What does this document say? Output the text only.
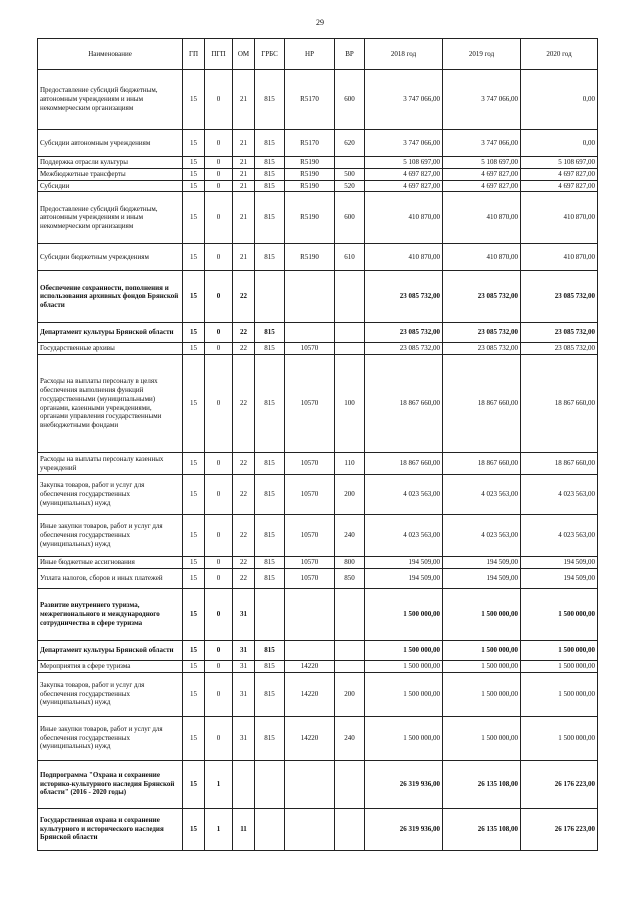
29
Наименование	ГП	ПГП	ОМ	ГРБС	НР	ВР	2018 год	2019 год	2020 год
Предоставление субсидий бюджетным, автономным учреждениям и иным некоммерческим организациям	15	0	21	815	R5170	600	3 747 066,00	3 747 066,00	0,00
Субсидии автономным учреждениям	15	0	21	815	R5170	620	3 747 066,00	3 747 066,00	0,00
Поддержка отрасли культуры	15	0	21	815	R5190		5 108 697,00	5 108 697,00	5 108 697,00
Межбюджетные трансферты	15	0	21	815	R5190	500	4 697 827,00	4 697 827,00	4 697 827,00
Субсидии	15	0	21	815	R5190	520	4 697 827,00	4 697 827,00	4 697 827,00
Предоставление субсидий бюджетным, автономным учреждениям и иным некоммерческим организациям	15	0	21	815	R5190	600	410 870,00	410 870,00	410 870,00
Субсидии бюджетным учреждениям	15	0	21	815	R5190	610	410 870,00	410 870,00	410 870,00
Обеспечение сохранности, пополнения и использования архивных фондов Брянской области	15	0	22				23 085 732,00	23 085 732,00	23 085 732,00
Департамент культуры Брянской области	15	0	22	815			23 085 732,00	23 085 732,00	23 085 732,00
Государственные архивы	15	0	22	815	10570		23 085 732,00	23 085 732,00	23 085 732,00
Расходы на выплаты персоналу в целях обеспечения выполнения функций государственными (муниципальными) органами, казенными учреждениями, органами управления государственными внебюджетными фондами	15	0	22	815	10570	100	18 867 660,00	18 867 660,00	18 867 660,00
Расходы на выплаты персоналу казенных учреждений	15	0	22	815	10570	110	18 867 660,00	18 867 660,00	18 867 660,00
Закупка товаров, работ и услуг для обеспечения государственных (муниципальных) нужд	15	0	22	815	10570	200	4 023 563,00	4 023 563,00	4 023 563,00
Иные закупки товаров, работ и услуг для обеспечения государственных (муниципальных) нужд	15	0	22	815	10570	240	4 023 563,00	4 023 563,00	4 023 563,00
Иные бюджетные ассигнования	15	0	22	815	10570	800	194 509,00	194 509,00	194 509,00
Уплата налогов, сборов и иных платежей	15	0	22	815	10570	850	194 509,00	194 509,00	194 509,00
Развитие внутреннего туризма, межрегионального и международного сотрудничества в сфере туризма	15	0	31				1 500 000,00	1 500 000,00	1 500 000,00
Департамент культуры Брянской области	15	0	31	815			1 500 000,00	1 500 000,00	1 500 000,00
Мероприятия в сфере туризма	15	0	31	815	14220		1 500 000,00	1 500 000,00	1 500 000,00
Закупка товаров, работ и услуг для обеспечения государственных (муниципальных) нужд	15	0	31	815	14220	200	1 500 000,00	1 500 000,00	1 500 000,00
Иные закупки товаров, работ и услуг для обеспечения государственных (муниципальных) нужд	15	0	31	815	14220	240	1 500 000,00	1 500 000,00	1 500 000,00
Подпрограмма "Охрана и сохранение историко-культурного наследия Брянской области" (2016 - 2020 годы)	15	1					26 319 936,00	26 135 108,00	26 176 223,00
Государственная охрана и сохранение культурного и исторического наследия Брянской области	15	1	11				26 319 936,00	26 135 108,00	26 176 223,00
